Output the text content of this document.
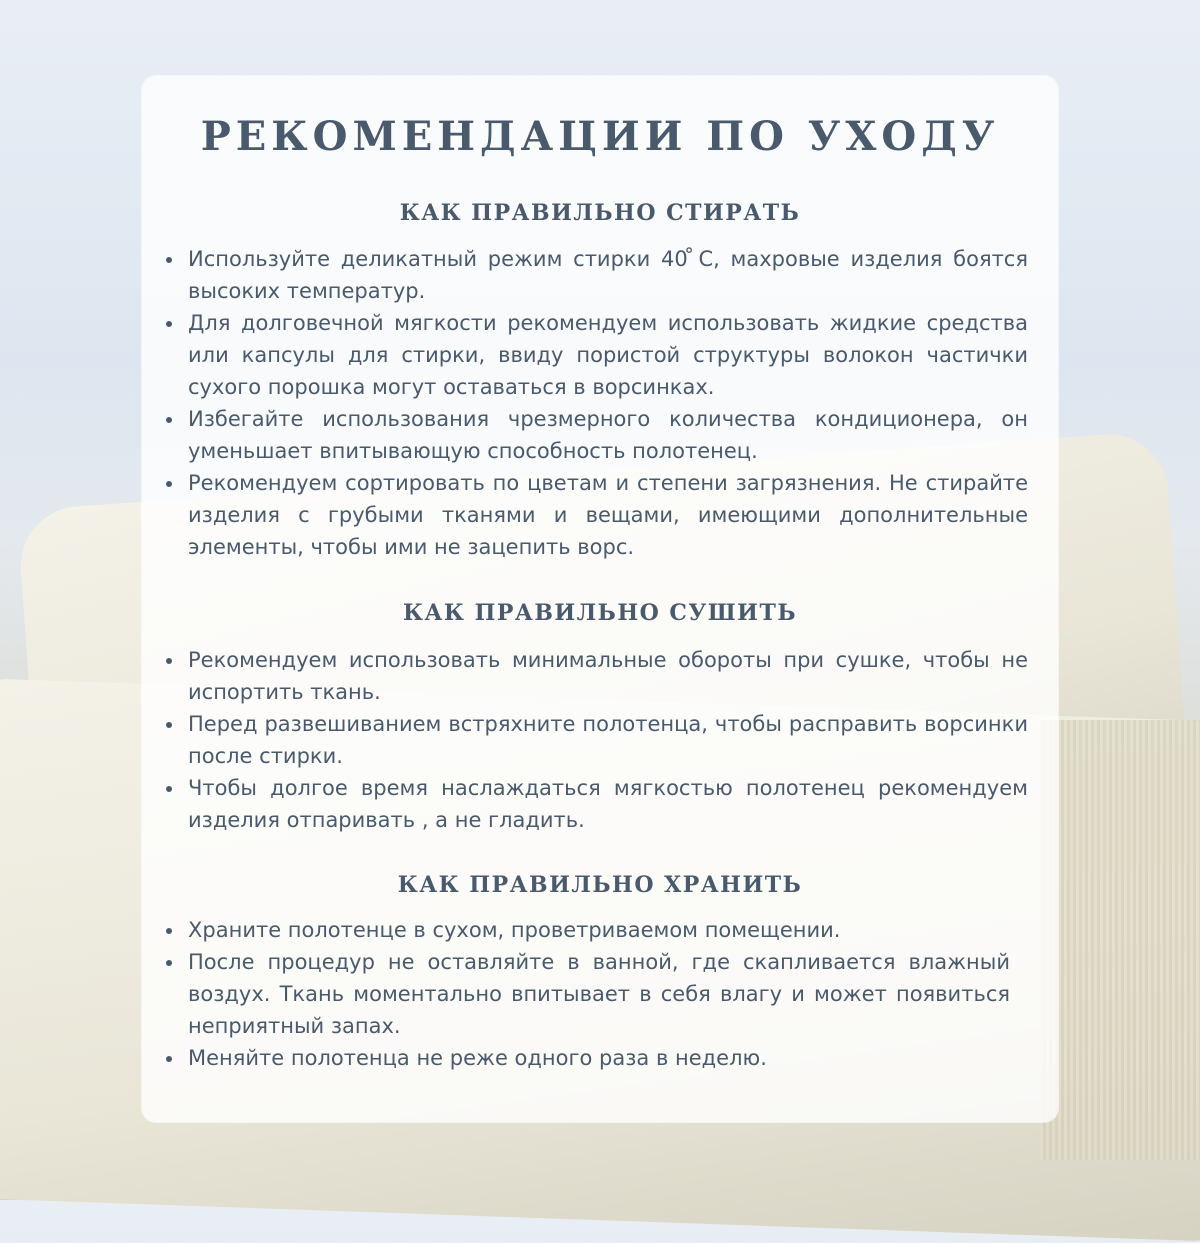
РЕКОМЕНДАЦИИ ПО УХОДУ
КАК ПРАВИЛЬНО СТИРАТЬ
Используйте деликатный режим стирки 40 ̊С, махровые изделия боятся высоких температур.
Для долговечной мягкости рекомендуем использовать жидкие средства или капсулы для стирки, ввиду пористой структуры волокон частички сухого порошка могут оставаться в ворсинках.
Избегайте использования чрезмерного количества кондиционера, он уменьшает впитывающую способность полотенец.
Рекомендуем сортировать по цветам и степени загрязнения. Не стирайте изделия с грубыми тканями и вещами, имеющими дополнительные элементы, чтобы ими не зацепить ворс.
КАК ПРАВИЛЬНО СУШИТЬ
Рекомендуем использовать минимальные обороты при сушке, чтобы не испортить ткань.
Перед развешиванием встряхните полотенца, чтобы расправить ворсинки после стирки.
Чтобы долгое время наслаждаться мягкостью полотенец рекомендуем изделия отпаривать , а не гладить.
КАК ПРАВИЛЬНО ХРАНИТЬ
Храните полотенце в сухом, проветриваемом помещении.
После процедур не оставляйте в ванной, где скапливается влажный воздух. Ткань моментально впитывает в себя влагу и может появиться неприятный запах.
Меняйте полотенца не реже одного раза в неделю.
